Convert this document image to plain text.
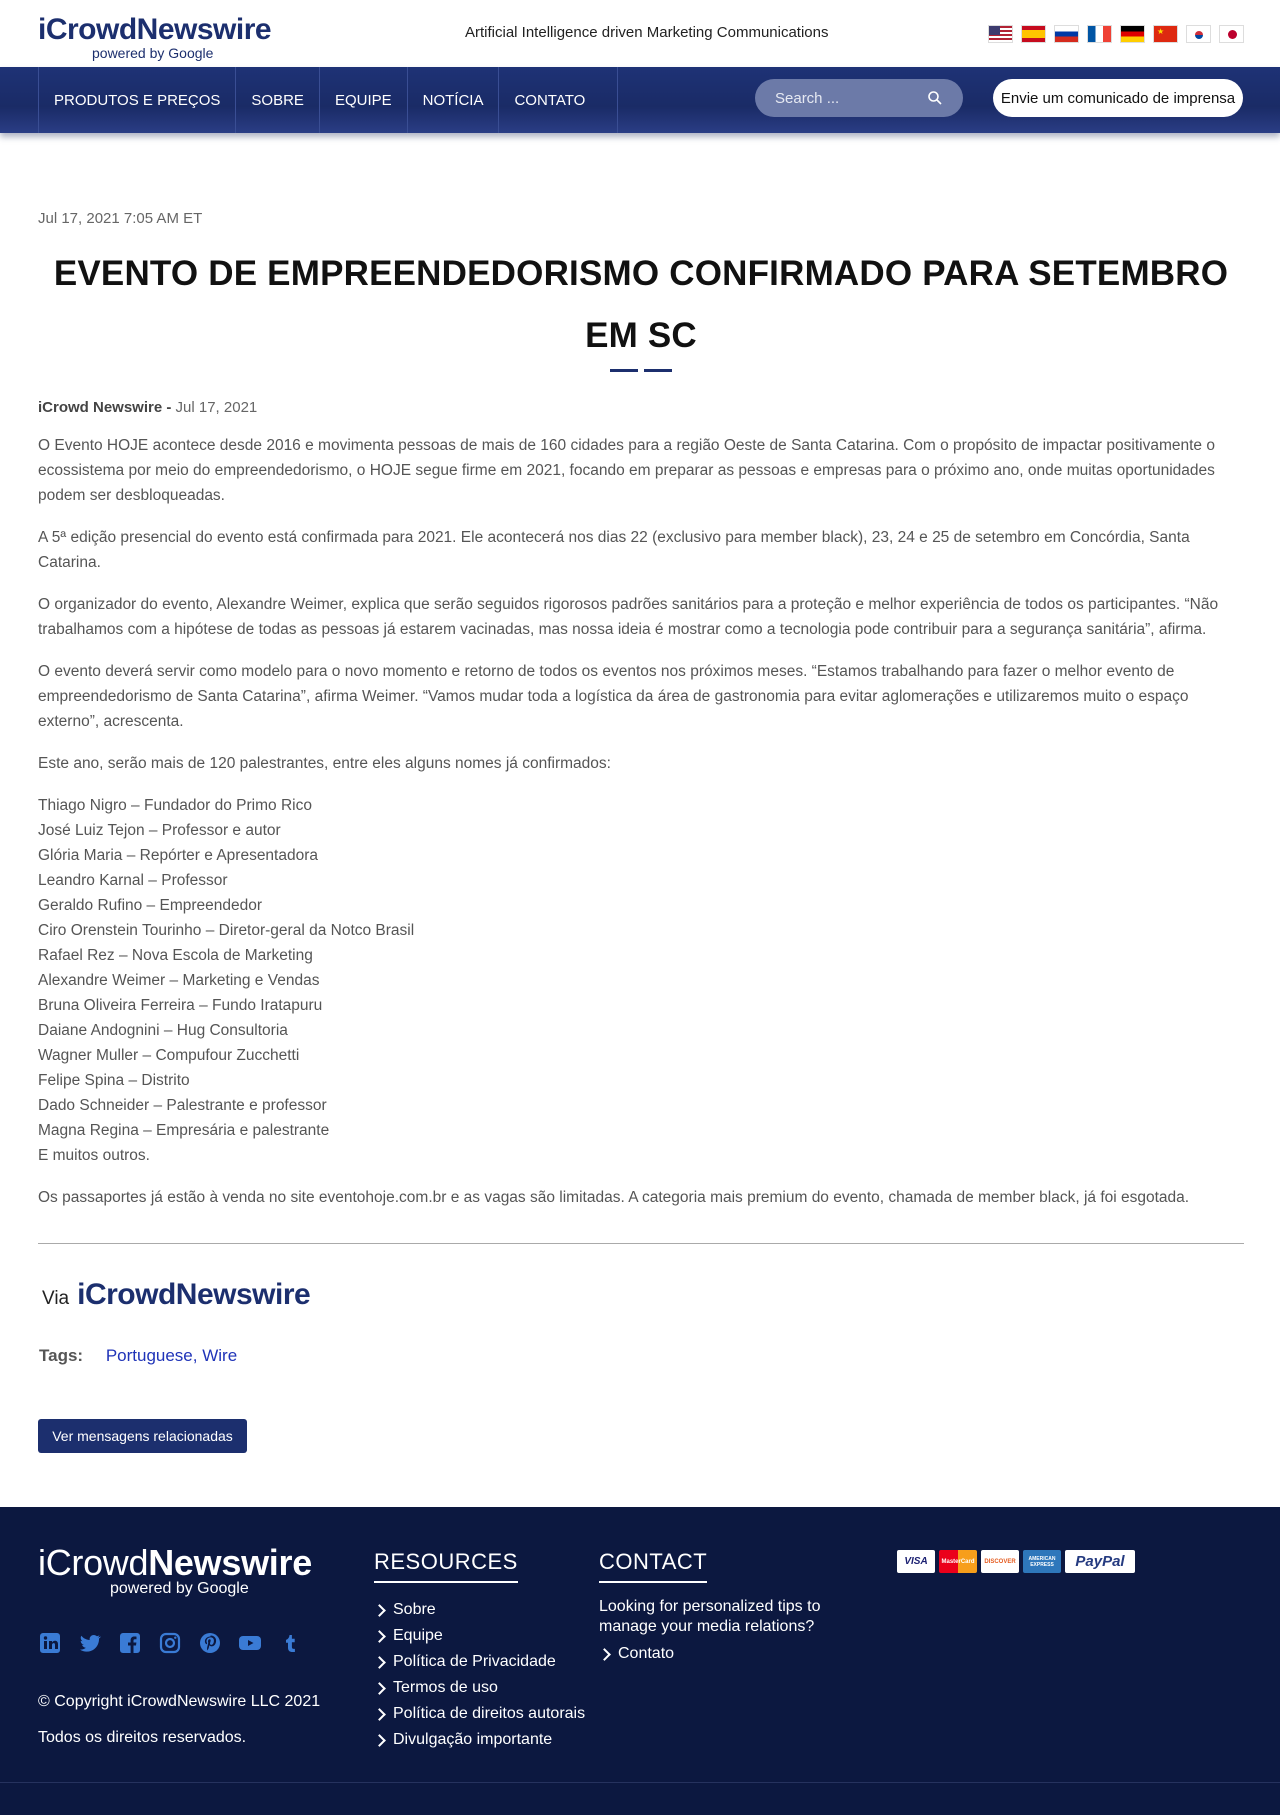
iCrowdNewswire
powered by Google
Artificial Intelligence driven Marketing Communications	★
PRODUTOS E PREÇOS	SOBRE	EQUIPE	NOTÍCIA	CONTATO
Search ...	Envie um comunicado de imprensa
Jul 17, 2021 7:05 AM ET
EVENTO DE EMPREENDEDORISMO CONFIRMADO PARA SETEMBRO EM SC
iCrowd Newswire - Jul 17, 2021

O Evento HOJE acontece desde 2016 e movimenta pessoas de mais de 160 cidades para a região Oeste de Santa Catarina. Com o propósito de impactar positivamente o ecossistema por meio do empreendedorismo, o HOJE segue firme em 2021, focando em preparar as pessoas e empresas para o próximo ano, onde muitas oportunidades podem ser desbloqueadas.

A 5ª edição presencial do evento está confirmada para 2021. Ele acontecerá nos dias 22 (exclusivo para member black), 23, 24 e 25 de setembro em Concórdia, Santa Catarina.

O organizador do evento, Alexandre Weimer, explica que serão seguidos rigorosos padrões sanitários para a proteção e melhor experiência de todos os participantes. “Não trabalhamos com a hipótese de todas as pessoas já estarem vacinadas, mas nossa ideia é mostrar como a tecnologia pode contribuir para a segurança sanitária”, afirma.

O evento deverá servir como modelo para o novo momento e retorno de todos os eventos nos próximos meses. “Estamos trabalhando para fazer o melhor evento de empreendedorismo de Santa Catarina”, afirma Weimer. “Vamos mudar toda a logística da área de gastronomia para evitar aglomerações e utilizaremos muito o espaço externo”, acrescenta.

Este ano, serão mais de 120 palestrantes, entre eles alguns nomes já confirmados:

Thiago Nigro – Fundador do Primo Rico
José Luiz Tejon – Professor e autor
Glória Maria – Repórter e Apresentadora
Leandro Karnal – Professor
Geraldo Rufino – Empreendedor
Ciro Orenstein Tourinho – Diretor-geral da Notco Brasil
Rafael Rez – Nova Escola de Marketing
Alexandre Weimer – Marketing e Vendas
Bruna Oliveira Ferreira – Fundo Iratapuru
Daiane Andognini – Hug Consultoria
Wagner Muller – Compufour Zucchetti
Felipe Spina – Distrito
Dado Schneider – Palestrante e professor
Magna Regina – Empresária e palestrante
E muitos outros.

Os passaportes já estão à venda no site eventohoje.com.br e as vagas são limitadas. A categoria mais premium do evento, chamada de member black, já foi esgotada.

Via iCrowdNewswire
Tags: Portuguese, Wire
Ver mensagens relacionadas
iCrowdNewswire
powered by Google
© Copyright iCrowdNewswire LLC 2021
Todos os direitos reservados.
RESOURCES
Sobre
Equipe
Política de Privacidade
Termos de uso
Política de direitos autorais
Divulgação importante
CONTACT
Looking for personalized tips to manage your media relations?
Contato
VISA	MasterCard	DISCOVER	AMERICAN EXPRESS	PayPal
